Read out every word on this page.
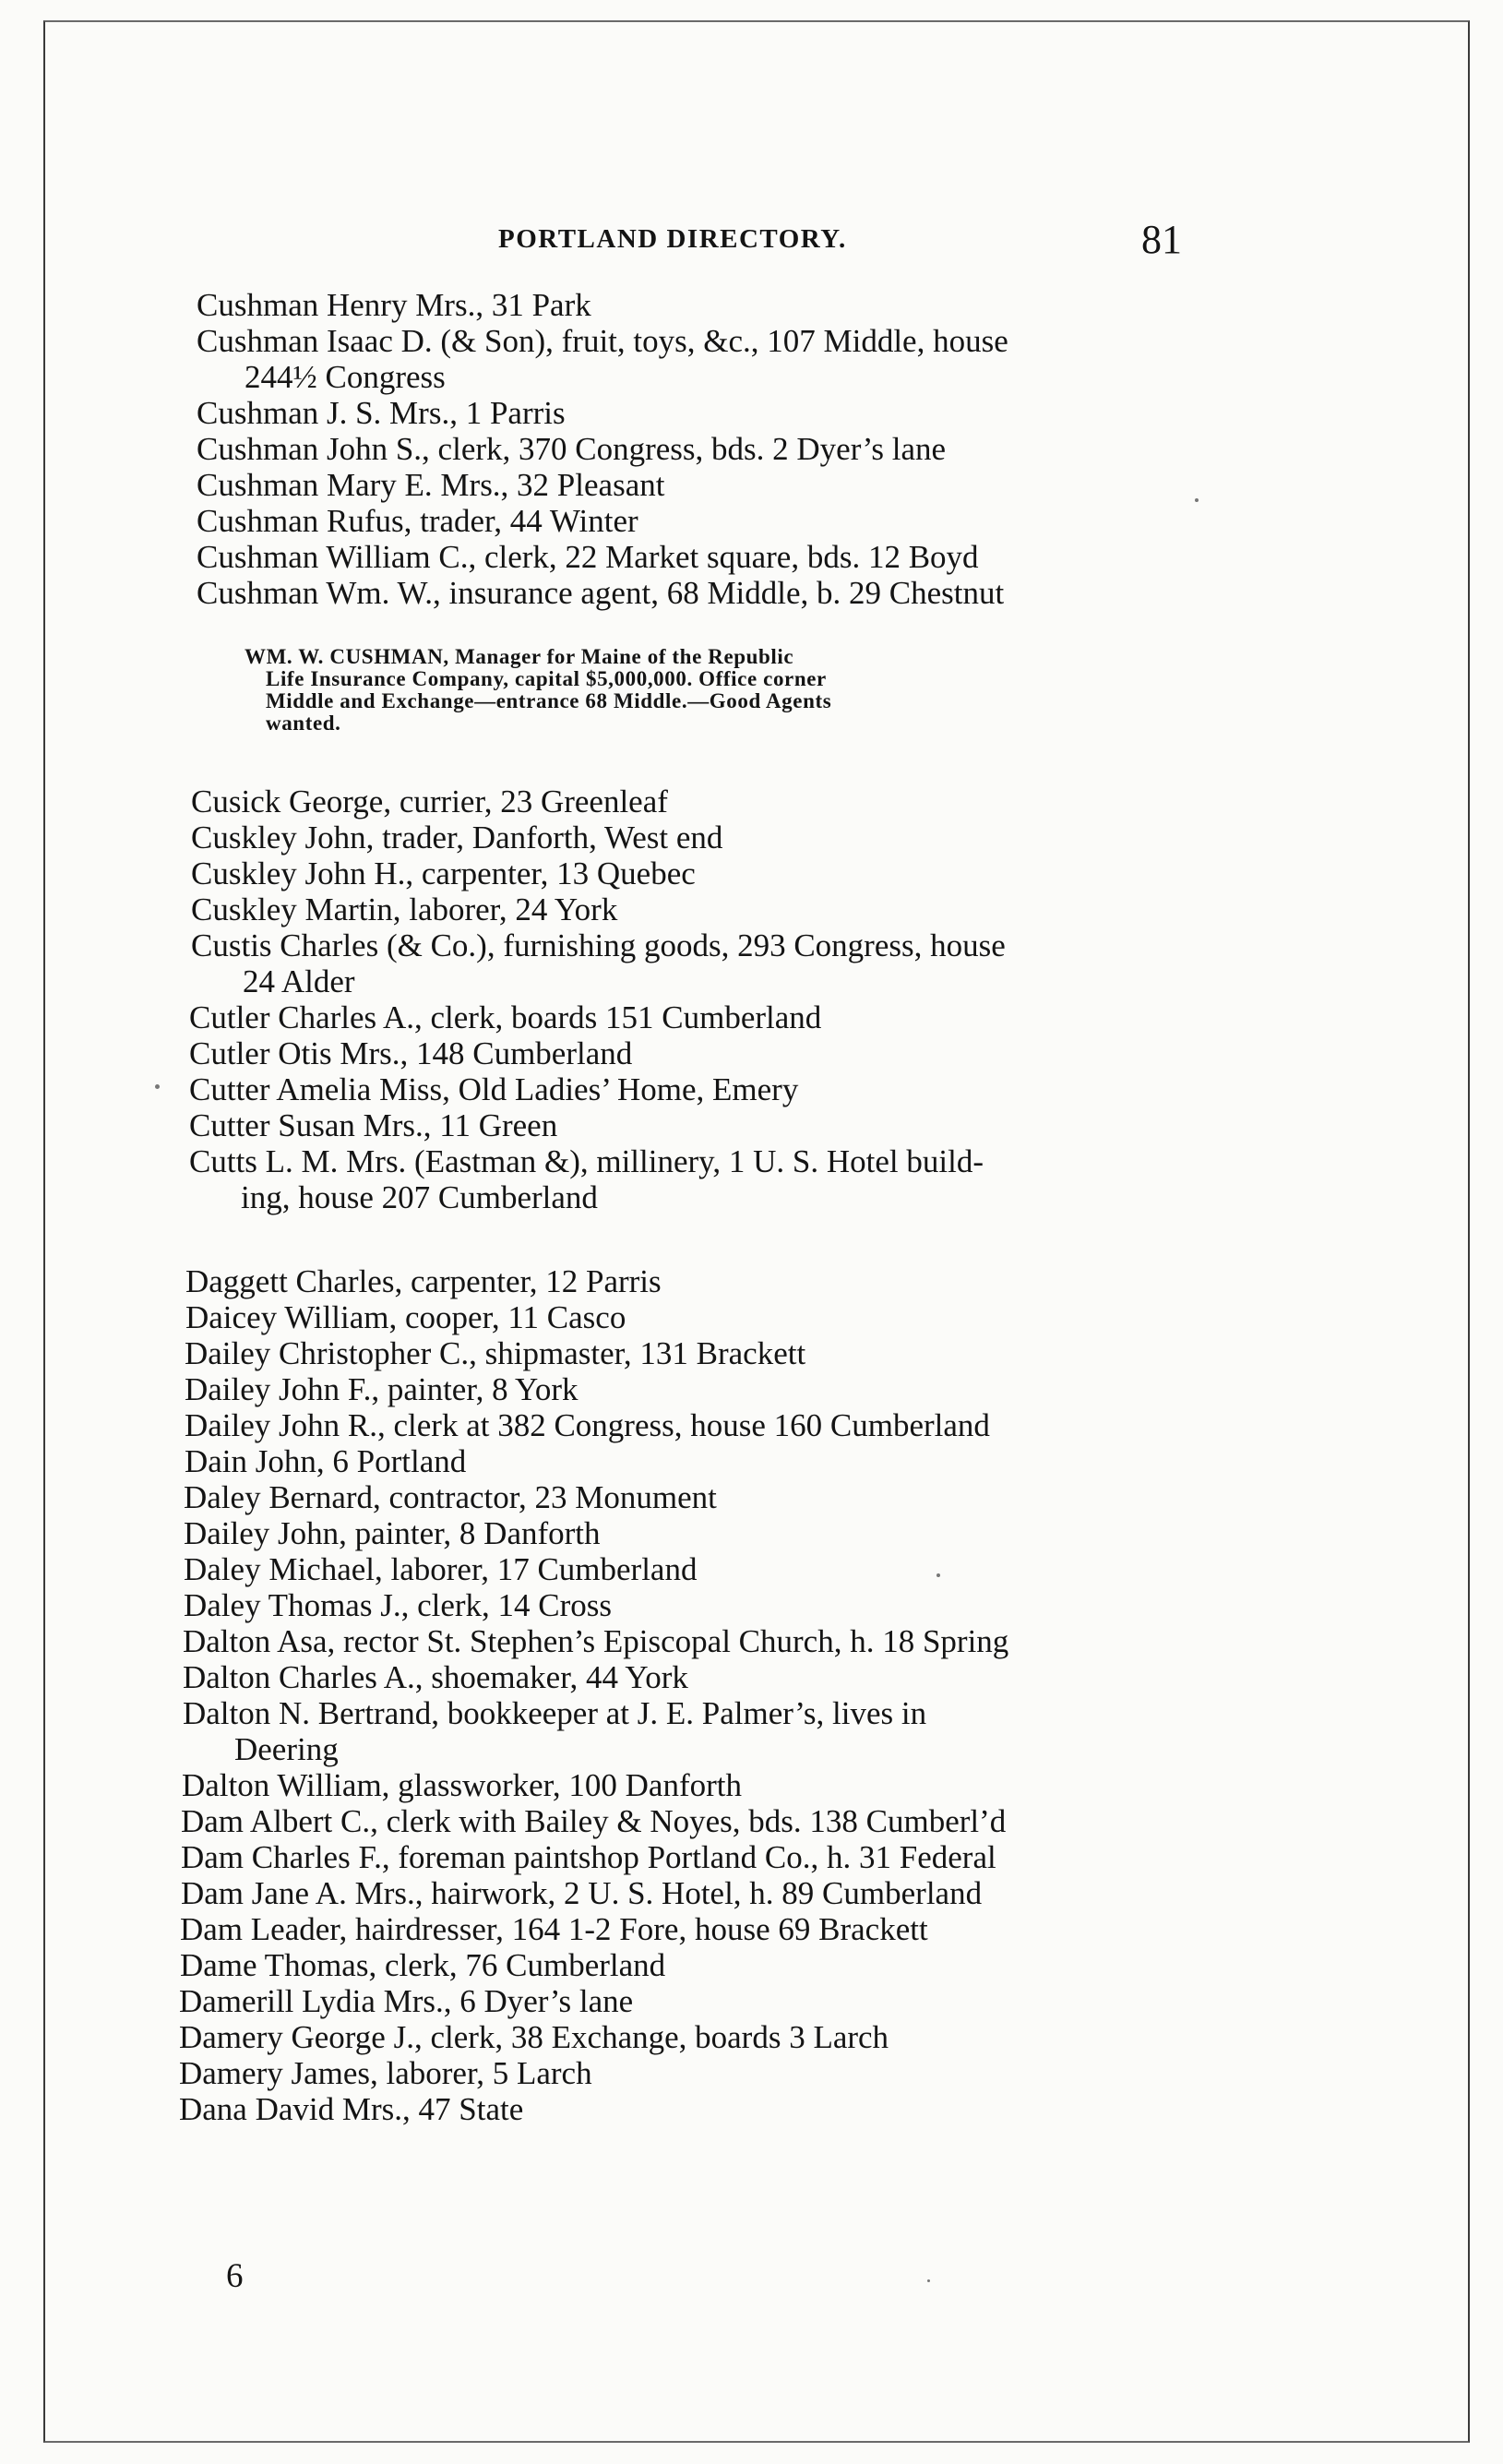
PORTLAND DIRECTORY.	81
Cushman Henry Mrs., 31 Park
Cushman Isaac D. (& Son), fruit, toys, &c., 107 Middle, house
244½ Congress
Cushman J. S. Mrs., 1 Parris
Cushman John S., clerk, 370 Congress, bds. 2 Dyer’s lane
Cushman Mary E. Mrs., 32 Pleasant
Cushman Rufus, trader, 44 Winter
Cushman William C., clerk, 22 Market square, bds. 12 Boyd
Cushman Wm. W., insurance agent, 68 Middle, b. 29 Chestnut
WM. W. CUSHMAN, Manager for Maine of the Republic
Life Insurance Company, capital $5,000,000. Office corner
Middle and Exchange—entrance 68 Middle.—Good Agents
wanted.
Cusick George, currier, 23 Greenleaf
Cuskley John, trader, Danforth, West end
Cuskley John H., carpenter, 13 Quebec
Cuskley Martin, laborer, 24 York
Custis Charles (& Co.), furnishing goods, 293 Congress, house
24 Alder
Cutler Charles A., clerk, boards 151 Cumberland
Cutler Otis Mrs., 148 Cumberland
Cutter Amelia Miss, Old Ladies’ Home, Emery
Cutter Susan Mrs., 11 Green
Cutts L. M. Mrs. (Eastman &), millinery, 1 U. S. Hotel build-
ing, house 207 Cumberland
Daggett Charles, carpenter, 12 Parris
Daicey William, cooper, 11 Casco
Dailey Christopher C., shipmaster, 131 Brackett
Dailey John F., painter, 8 York
Dailey John R., clerk at 382 Congress, house 160 Cumberland
Dain John, 6 Portland
Daley Bernard, contractor, 23 Monument
Dailey John, painter, 8 Danforth
Daley Michael, laborer, 17 Cumberland
Daley Thomas J., clerk, 14 Cross
Dalton Asa, rector St. Stephen’s Episcopal Church, h. 18 Spring
Dalton Charles A., shoemaker, 44 York
Dalton N. Bertrand, bookkeeper at J. E. Palmer’s, lives in
Deering
Dalton William, glassworker, 100 Danforth
Dam Albert C., clerk with Bailey & Noyes, bds. 138 Cumberl’d
Dam Charles F., foreman paintshop Portland Co., h. 31 Federal
Dam Jane A. Mrs., hairwork, 2 U. S. Hotel, h. 89 Cumberland
Dam Leader, hairdresser, 164 1-2 Fore, house 69 Brackett
Dame Thomas, clerk, 76 Cumberland
Damerill Lydia Mrs., 6 Dyer’s lane
Damery George J., clerk, 38 Exchange, boards 3 Larch
Damery James, laborer, 5 Larch
Dana David Mrs., 47 State
6
